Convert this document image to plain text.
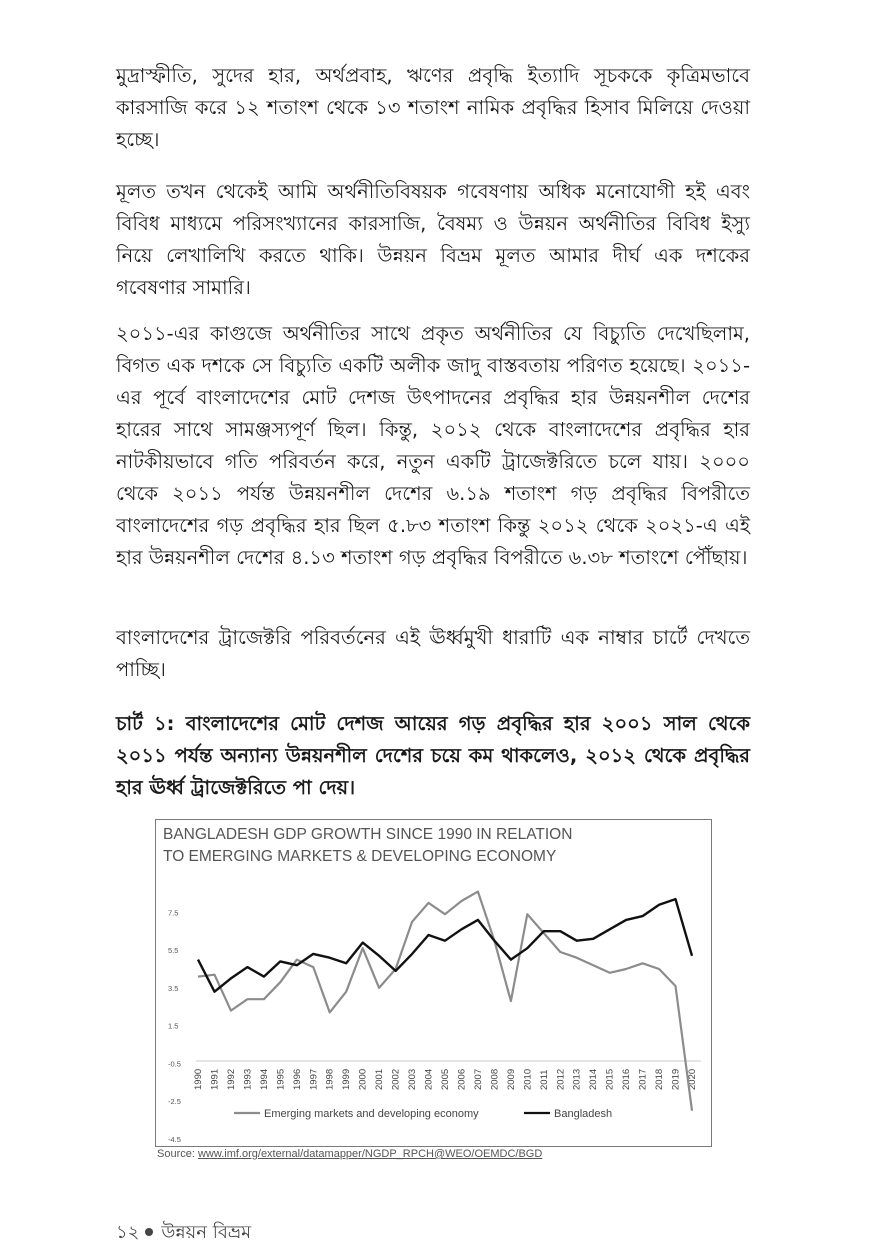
মুদ্রাস্ফীতি, সুদের হার, অর্থপ্রবাহ, ঋণের প্রবৃদ্ধি ইত্যাদি সূচককে কৃত্রিমভাবে কারসাজি করে ১২ শতাংশ থেকে ১৩ শতাংশ নামিক প্রবৃদ্ধির হিসাব মিলিয়ে দেওয়া হচ্ছে।

মূলত তখন থেকেই আমি অর্থনীতিবিষয়ক গবেষণায় অধিক মনোযোগী হই এবং বিবিধ মাধ্যমে পরিসংখ্যানের কারসাজি, বৈষম্য ও উন্নয়ন অর্থনীতির বিবিধ ইস্যু নিয়ে লেখালিখি করতে থাকি। উন্নয়ন বিভ্রম মূলত আমার দীর্ঘ এক দশকের গবেষণার সামারি।

২০১১-এর কাগুজে অর্থনীতির সাথে প্রকৃত অর্থনীতির যে বিচ্যুতি দেখেছিলাম, বিগত এক দশকে সে বিচ্যুতি একটি অলীক জাদু বাস্তবতায় পরিণত হয়েছে। ২০১১-এর পূর্বে বাংলাদেশের মোট দেশজ উৎপাদনের প্রবৃদ্ধির হার উন্নয়নশীল দেশের হারের সাথে সামঞ্জস্যপূর্ণ ছিল। কিন্তু, ২০১২ থেকে বাংলাদেশের প্রবৃদ্ধির হার নাটকীয়ভাবে গতি পরিবর্তন করে, নতুন একটি ট্রাজেক্টরিতে চলে যায়। ২০০০ থেকে ২০১১ পর্যন্ত উন্নয়নশীল দেশের ৬.১৯ শতাংশ গড় প্রবৃদ্ধির বিপরীতে বাংলাদেশের গড় প্রবৃদ্ধির হার ছিল ৫.৮৩ শতাংশ কিন্তু ২০১২ থেকে ২০২১-এ এই হার উন্নয়নশীল দেশের ৪.১৩ শতাংশ গড় প্রবৃদ্ধির বিপরীতে ৬.৩৮ শতাংশে পৌঁছায়।

বাংলাদেশের ট্রাজেক্টরি পরিবর্তনের এই ঊর্ধ্বমুখী ধারাটি এক নাম্বার চার্টে দেখতে পাচ্ছি।

চার্ট ১: বাংলাদেশের মোট দেশজ আয়ের গড় প্রবৃদ্ধির হার ২০০১ সাল থেকে ২০১১ পর্যন্ত অন্যান্য উন্নয়নশীল দেশের চয়ে কম থাকলেও, ২০১২ থেকে প্রবৃদ্ধির হার ঊর্ধ্ব ট্রাজেক্টরিতে পা দেয়।

BANGLADESH GDP GROWTH SINCE 1990 IN RELATION
TO EMERGING MARKETS & DEVELOPING ECONOMY
7.5
5.5
3.5
1.5
-0.5
-2.5
-4.5
1990 1991 1992 1993 1994 1995 1996 1997 1998 1999 2000 2001 2002 2003 2004 2005 2006 2007 2008 2009 2010 2011 2012 2013 2014 2015 2016 2017 2018 2019 2020
Emerging markets and developing economy	Bangladesh
Source: www.imf.org/external/datamapper/NGDP_RPCH@WEO/OEMDC/BGD
১২ উন্নয়ন বিভ্রম
